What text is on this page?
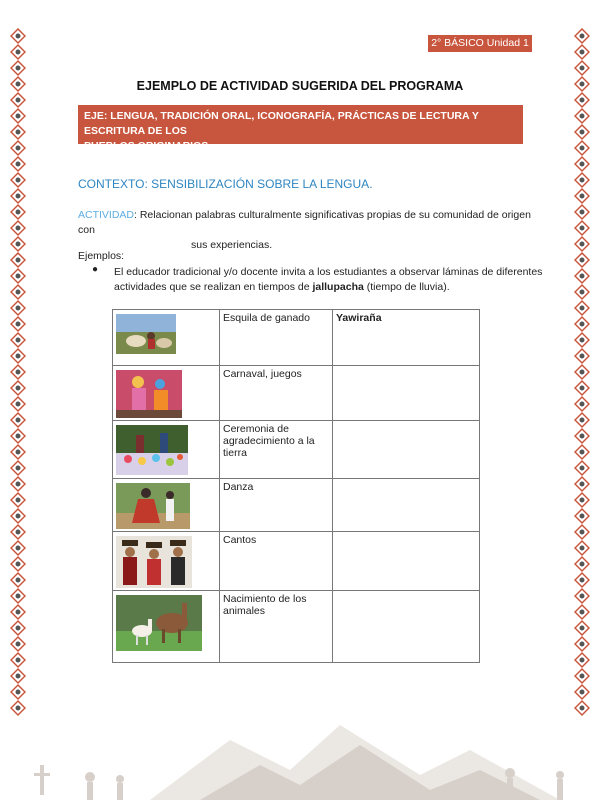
2° BÁSICO Unidad 1
EJEMPLO DE ACTIVIDAD SUGERIDA DEL PROGRAMA
EJE: LENGUA, TRADICIÓN ORAL, ICONOGRAFÍA, PRÁCTICAS DE LECTURA Y ESCRITURA DE LOS
PUEBLOS ORIGINARIOS.
CONTEXTO: SENSIBILIZACIÓN SOBRE LA LENGUA.
ACTIVIDAD: Relacionan palabras culturalmente significativas propias de su comunidad de origen con
sus experiencias.
Ejemplos:
● El educador tradicional y/o docente invita a los estudiantes a observar láminas de diferentes actividades que se realizan en tiempos de jallupacha (tiempo de lluvia).
	Esquila de ganado	Yawiraña

	Carnaval, juegos	

	Ceremonia de agradecimiento a la tierra	

	Danza	

	Cantos	

	Nacimiento de los animales	
